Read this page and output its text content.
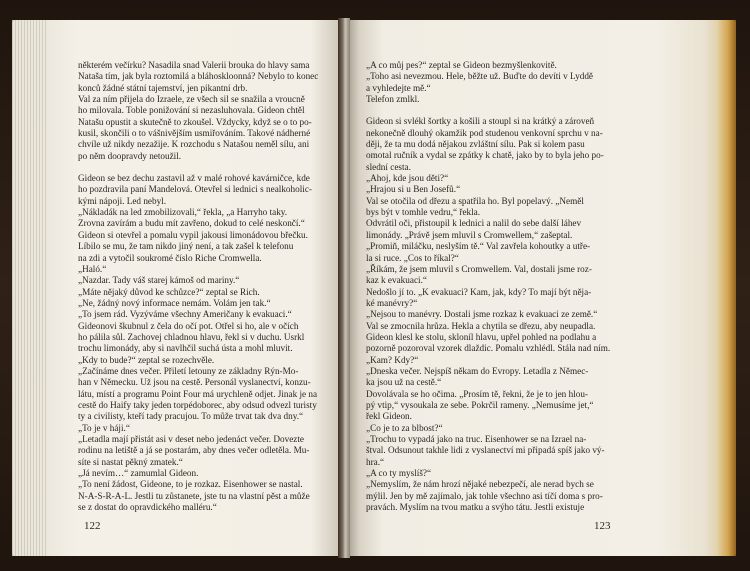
některém večírku? Nasadila snad Valerii brouka do hlavy sama
Nataša tím, jak byla roztomilá a bláhoskloonná? Nebylo to konec
konců žádné státní tajemství, jen pikantní drb.
Val za ním přijela do Izraele, ze všech sil se snažila a vroucně
ho milovala. Toble ponižování si nezasluhovala. Gideon chtěl
Natašu opustit a skutečně to zkoušel. Vždycky, když se o to po-
kusil, skončili o to vášnivějším usmiřováním. Takové nádherné
chvíle už nikdy nezažije. K rozchodu s Natašou neměl sílu, ani
po něm doopravdy netoužil.
Gideon se bez dechu zastavil až v malé rohové kavárničce, kde
ho pozdravila paní Mandelová. Otevřel si lednici s nealkoholic-
kými nápoji. Led nebyl.
„Nákladák na led zmobilizovali,“ řekla, „a Harryho taky.
Zrovna zavírám a budu mít zavřeno, dokud to celé neskončí.“
Gideon si otevřel a pomalu vypil jakousi limonádovou břečku.
Líbilo se mu, že tam nikdo jiný není, a tak zašel k telefonu
na zdi a vytočil soukromé číslo Riche Cromwella.
„Haló.“
„Nazdar. Tady váš starej kámoš od mariny.“
„Máte nějaký důvod ke schůzce?“ zeptal se Rich.
„Ne, žádný nový informace nemám. Volám jen tak.“
„To jsem rád. Vyzýváme všechny Američany k evakuaci.“
Gideonovi škubnul z čela do očí pot. Otřel si ho, ale v očích
ho pálila sůl. Zachovej chladnou hlavu, řekl si v duchu. Usrkl
trochu limonády, aby si navlhčil suchá ústa a mohl mluvit.
„Kdy to bude?“ zeptal se rozechvěle.
„Začínáme dnes večer. Přiletí letouny ze základny Rýn-Mo-
han v Německu. Už jsou na cestě. Personál vyslanectví, konzu-
látu, místí a programu Point Four má urychleně odjet. Jinak je na
cestě do Haify taky jeden torpédoborec, aby odsud odvezl turisty
ty a civilisty, kteří tady pracujou. To může trvat tak dva dny.“
„To je v háji.“
„Letadla mají přistát asi v deset nebo jedenáct večer. Dovezte
rodinu na letiště a já se postarám, aby dnes večer odletěla. Mu-
síte si nastat pěkný zmatek.“
„Já nevím…“ zamumlal Gideon.
„To není žádost, Gideone, to je rozkaz. Eisenhower se nastal.
N-A-S-R-A-L. Jestli tu zůstanete, jste tu na vlastní pěst a může
se z dostat do opravdického malléru.“
122
„A co můj pes?“ zeptal se Gideon bezmyšlenkovitě.
„Toho asi nevezmou. Hele, běžte už. Buďte do devíti v Lyddě
a vyhledejte mě.“
Telefon zmlkl.
Gideon si svlékl šortky a košili a stoupl si na krátký a zároveň
nekonečně dlouhý okamžik pod studenou venkovní sprchu v na-
ději, že ta mu dodá nějakou zvláštní sílu. Pak si kolem pasu
omotal ručník a vydal se zpátky k chatě, jako by to byla jeho po-
slední cesta.
„Ahoj, kde jsou děti?“
„Hrajou si u Ben Josefů.“
Val se otočila od dřezu a spatřila ho. Byl popelavý. „Neměl
bys být v tomhle vedru,“ řekla.
Odvrátil oči, přistoupil k lednici a nalil do sebe další láhev
limonády. „Právě jsem mluvil s Cromwellem,“ zašeptal.
„Promiň, miláčku, neslyším tě.“ Val zavřela kohoutky a utře-
la si ruce. „Cos to říkal?“
„Říkám, že jsem mluvil s Cromwellem. Val, dostali jsme roz-
kaz k evakuaci.“
Nedošlo jí to. „K evakuaci? Kam, jak, kdy? To mají být něja-
ké manévry?“
„Nejsou to manévry. Dostali jsme rozkaz k evakuaci ze země.“
Val se zmocnila hrůza. Hekla a chytila se dřezu, aby neupadla.
Gideon klesl ke stolu, skloníl hlavu, upřel pohled na podlahu a
pozorně pozoroval vzorek dlaždic. Pomalu vzhlédl. Stála nad ním.
„Kam? Kdy?“
„Dneska večer. Nejspíš někam do Evropy. Letadla z Němec-
ka jsou už na cestě.“
Dovolávala se ho očima. „Prosím tě, řekni, že je to jen hlou-
pý vtip,“ vysoukala ze sebe. Pokrčil rameny. „Nemusíme jet,“
řekl Gideon.
„Co je to za blbost?“
„Trochu to vypadá jako na truc. Eisenhower se na Izrael na-
štval. Odsunout takhle lidi z vyslanectví mi připadá spíš jako vý-
hra.“
„A co ty myslíš?“
„Nemyslím, že nám hrozí nějaké nebezpečí, ale nerad bych se
mýlil. Jen by mě zajímalo, jak tohle všechno asi tíčí doma s pro-
pravách. Myslím na tvou matku a svýho tátu. Jestli existuje
123
